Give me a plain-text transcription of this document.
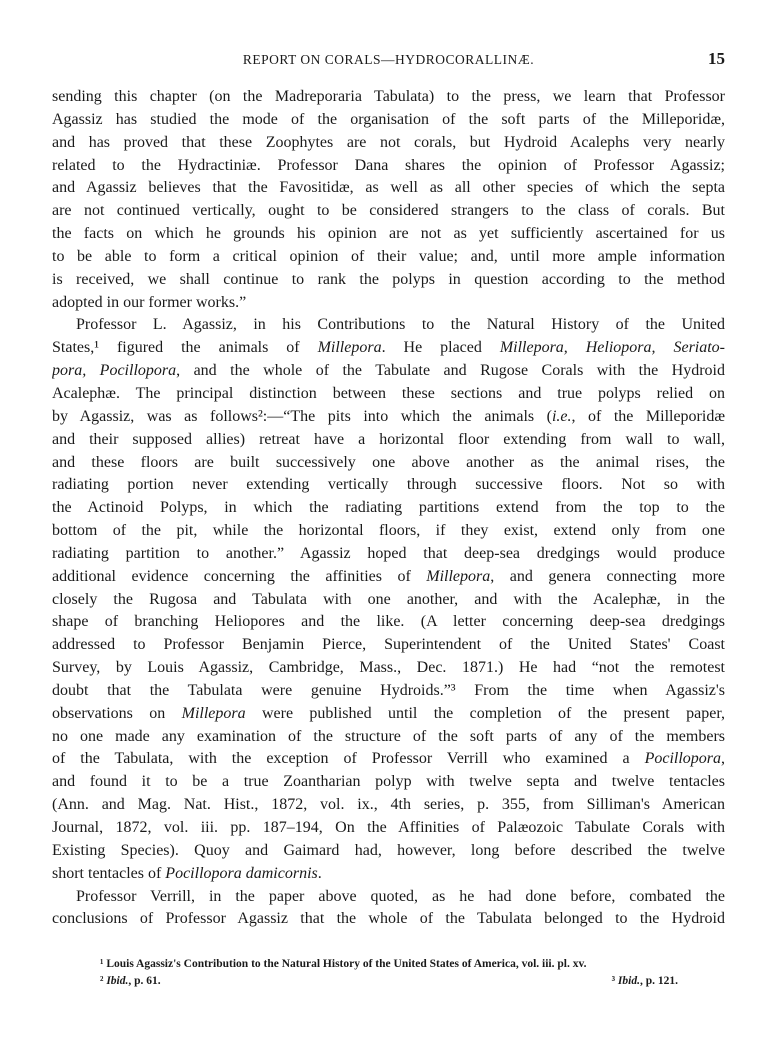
REPORT ON CORALS—HYDROCORALLINÆ.	15
sending this chapter (on the Madreporaria Tabulata) to the press, we learn that Professor
Agassiz has studied the mode of the organisation of the soft parts of the Milleporidæ,
and has proved that these Zoophytes are not corals, but Hydroid Acalephs very nearly
related to the Hydractiniæ. Professor Dana shares the opinion of Professor Agassiz;
and Agassiz believes that the Favositidæ, as well as all other species of which the septa
are not continued vertically, ought to be considered strangers to the class of corals. But
the facts on which he grounds his opinion are not as yet sufficiently ascertained for us
to be able to form a critical opinion of their value; and, until more ample information
is received, we shall continue to rank the polyps in question according to the method
adopted in our former works.”
Professor L. Agassiz, in his Contributions to the Natural History of the United
States,¹ figured the animals of Millepora. He placed Millepora, Heliopora, Seriato-
pora, Pocillopora, and the whole of the Tabulate and Rugose Corals with the Hydroid
Acalephæ. The principal distinction between these sections and true polyps relied on
by Agassiz, was as follows²:—“The pits into which the animals (i.e., of the Milleporidæ
and their supposed allies) retreat have a horizontal floor extending from wall to wall,
and these floors are built successively one above another as the animal rises, the
radiating portion never extending vertically through successive floors. Not so with
the Actinoid Polyps, in which the radiating partitions extend from the top to the
bottom of the pit, while the horizontal floors, if they exist, extend only from one
radiating partition to another.” Agassiz hoped that deep-sea dredgings would produce
additional evidence concerning the affinities of Millepora, and genera connecting more
closely the Rugosa and Tabulata with one another, and with the Acalephæ, in the
shape of branching Heliopores and the like. (A letter concerning deep-sea dredgings
addressed to Professor Benjamin Pierce, Superintendent of the United States' Coast
Survey, by Louis Agassiz, Cambridge, Mass., Dec. 1871.) He had “not the remotest
doubt that the Tabulata were genuine Hydroids.”³ From the time when Agassiz's
observations on Millepora were published until the completion of the present paper,
no one made any examination of the structure of the soft parts of any of the members
of the Tabulata, with the exception of Professor Verrill who examined a Pocillopora,
and found it to be a true Zoantharian polyp with twelve septa and twelve tentacles
(Ann. and Mag. Nat. Hist., 1872, vol. ix., 4th series, p. 355, from Silliman's American
Journal, 1872, vol. iii. pp. 187–194, On the Affinities of Palæozoic Tabulate Corals with
Existing Species). Quoy and Gaimard had, however, long before described the twelve
short tentacles of Pocillopora damicornis.
Professor Verrill, in the paper above quoted, as he had done before, combated the
conclusions of Professor Agassiz that the whole of the Tabulata belonged to the Hydroid
¹ Louis Agassiz's Contribution to the Natural History of the United States of America, vol. iii. pl. xv.
² Ibid., p. 61.	³ Ibid., p. 121.
